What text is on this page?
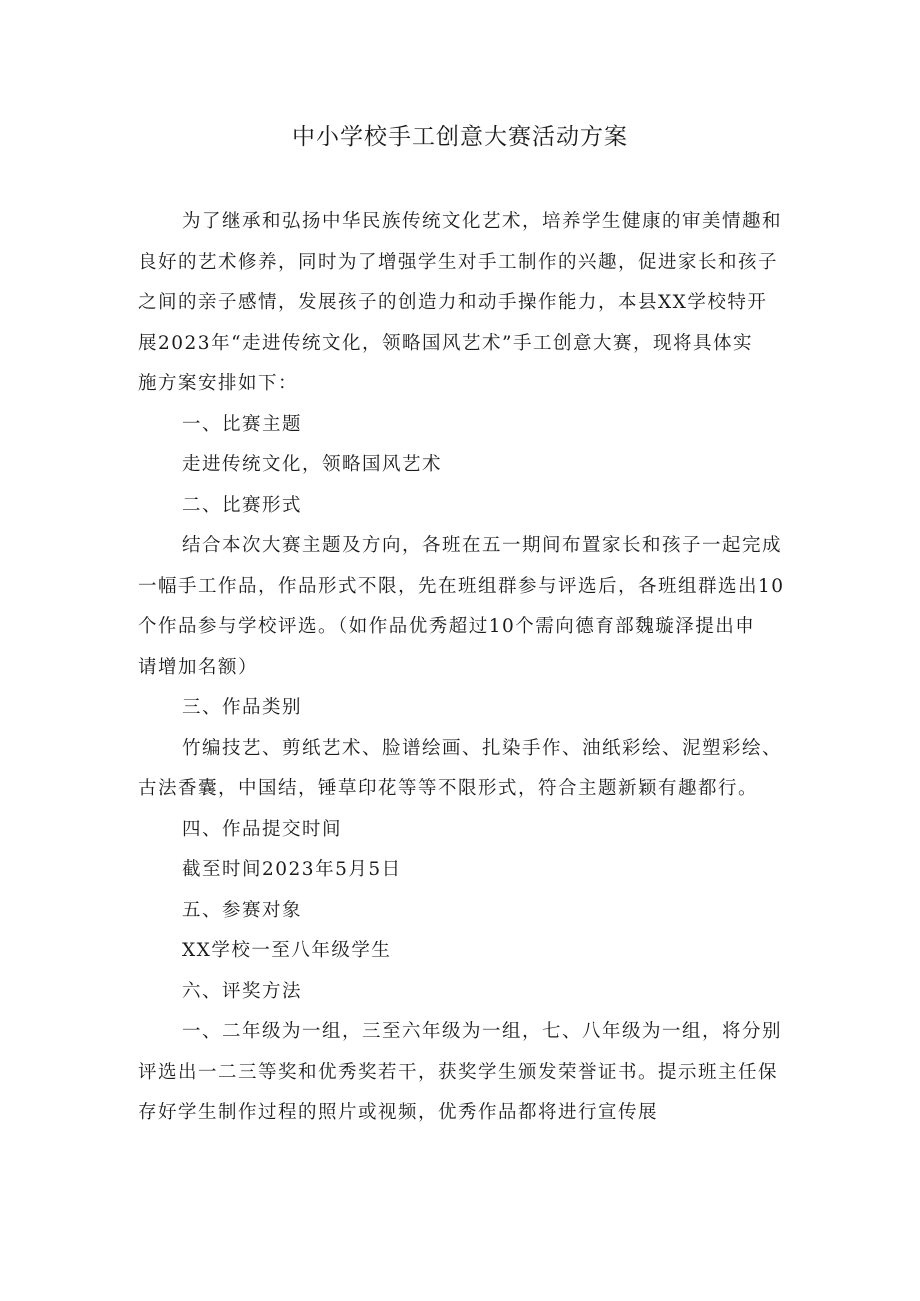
中小学校手工创意大赛活动方案

为了继承和弘扬中华民族传统文化艺术，培养学生健康的审美情趣和

良好的艺术修养，同时为了增强学生对手工制作的兴趣，促进家长和孩子

之间的亲子感情，发展孩子的创造力和动手操作能力，本县XX学校特开

展2023年“走进传统文化，领略国风艺术”手工创意大赛，现将具体实

施方案安排如下：

一、比赛主题

走进传统文化，领略国风艺术

二、比赛形式

结合本次大赛主题及方向，各班在五一期间布置家长和孩子一起完成

一幅手工作品，作品形式不限，先在班组群参与评选后，各班组群选出10

个作品参与学校评选。（如作品优秀超过10个需向德育部魏璇泽提出申

请增加名额）

三、作品类别

竹编技艺、剪纸艺术、脸谱绘画、扎染手作、油纸彩绘、泥塑彩绘、

古法香囊，中国结，锤草印花等等不限形式，符合主题新颖有趣都行。

四、作品提交时间

截至时间2023年5月5日

五、参赛对象

XX学校一至八年级学生

六、评奖方法

一、二年级为一组，三至六年级为一组，七、八年级为一组，将分别

评选出一二三等奖和优秀奖若干，获奖学生颁发荣誉证书。提示班主任保

存好学生制作过程的照片或视频，优秀作品都将进行宣传展
